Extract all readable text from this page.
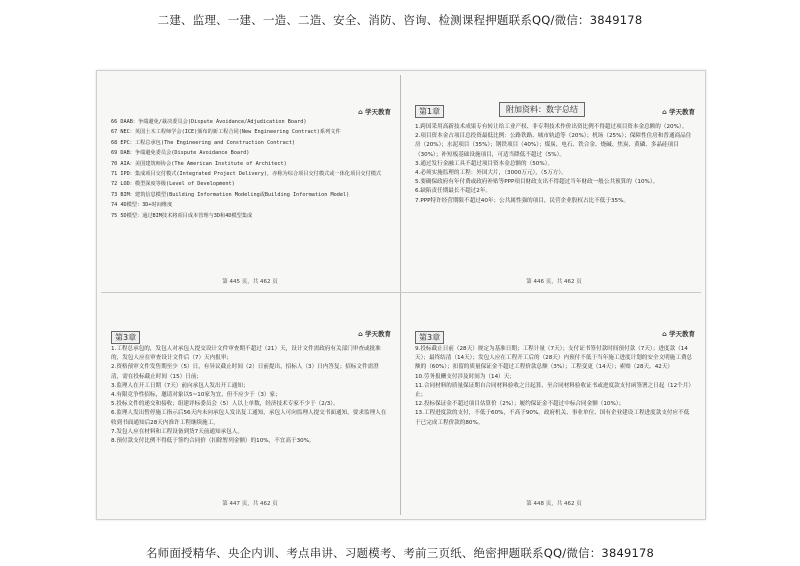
二建、监理、一建、一造、二造、安全、消防、咨询、检测课程押题联系QQ/微信：3849178
⌂ 学天教育
66 DAAB：争端避免/裁决委员会(Dispute Avoidance/Adjudication Board)
67 NEC：英国土木工程师学会(ICE)颁布的新工程合同(New Engineering Contract)系列文件
68 EPC：工程总承包(The Engineering and Construction Contract)
69 DAB：争端避免委员会(Dispute Avoidance Board)
70 AIA：美国建筑师协会(The American Institute of Architect)
71 IPD：集成项目交付模式(Integrated Project Delivery)，亦称为综合项目交付模式或一体化项目交付模式
72 LOD：模型深度等级(Level of Development)
73 BIM：建筑信息模型(Building Information Modeling或Building Information Model)
74 4D模型：3D+时间维度
75 5D模型：通过BIM技术将项目成本管理与3D和4D模型集成
第 445 页，共 462 页
第1章	附加资料：数字总结	⌂ 学天教育
1.跨国采用高新技术成果专有转让给工业产权、非专利技术作价出资比例不得超过项目资本金总额的（20%）。
2.项目资本金占项目总投资最低比例：公路铁路、城市轨道等（20%）；机场（25%）；保障性住房和普通商品住房（20%）；水泥项目（35%）；钢铁项目（40%）；煤炭、电石、铁合金、烧碱、焦炭、黄磷、多晶硅项目（30%）；补短板基础设施项目，可适当降低不超过（5%）。
3.通过发行金融工具不超过项目资本金总额的（50%）。
4.必须实施监理的工程：外国大片，（3000万元），（5万方）。
5.要确保政府有年付费或政府补贴等PPP项目财政支出不得超过当年财政一般公共预算的（10%）。
6.缺陷责任期最长不超过2年。
7.PPP特许经营期限不超过40年；公共属性强的项目，民营企业股权占比不低于35%。
第 446 页，共 462 页
第3章	⌂ 学天教育
1.工程总承包的，发包人对承包人提交设计文件审查期不超过（21）天，设计文件需政府有关部门审查或批准的，发包人应在审查设计文件后（7）天内报审；
2.资格预审文件发售期至少（5）日，有异议截止时间（2）日前提出，招标人（3）日内答复；招标文件需澄清，需在投标截止时间（15）日前；
3.监理人在开工日期（7天）前向承包人发出开工通知；
4.有限竞争性招标，邀请对象以5~10家为宜，但不应少于（3）家；
5.投标文件的递交和接收；组建评标委员会（5）人以上单数，经济技术专家不少于（2/3）。
6.监理人发出暂停施工指示后56天内未向承包人发出复工通知，承包人可向监理人提交书面通知，要求监理人在收到书面通知后28天内准许工程继续施工。
7.发包人应在材料和工程设备到货7天前通知承包人。
8.预付款支付比例不得低于签约合同价（扣除暂列金额）的10%，不宜高于30%。
第 447 页，共 462 页
第3章	⌂ 学天教育
9.投标截止日前（28天）规定为基准日期；工程计量（7天）；支付证书签付款时间预付款（7天）；进度款（14天）；最终结清（14天）；发包人应在工程开工后的（28天）内预付不低于当年施工进度计划的安全文明施工费总额的（60%）；扣留的质量保证金不超过工程价款总额（3%）；工程变更（14天）；索赔（28天、42天）
10.劳务报酬支付涉及时间为（14）天；
11.合同材料的质量保证期自合同材料验收之日起算，至合同材料验收证书或进度款支付函签署之日起（12个月）止；
12.投标保证金不超过项目估算价（2%）；履约保证金不超过中标合同金额（10%）；
13.工程进度款的支付，不低于60%，不高于90%。政府机关、事业单位、国有企业建设工程进度款支付应不低于已完成工程价款的80%。
第 448 页，共 462 页
名师面授精华、央企内训、考点串讲、习题模考、考前三页纸、绝密押题联系QQ/微信：3849178
